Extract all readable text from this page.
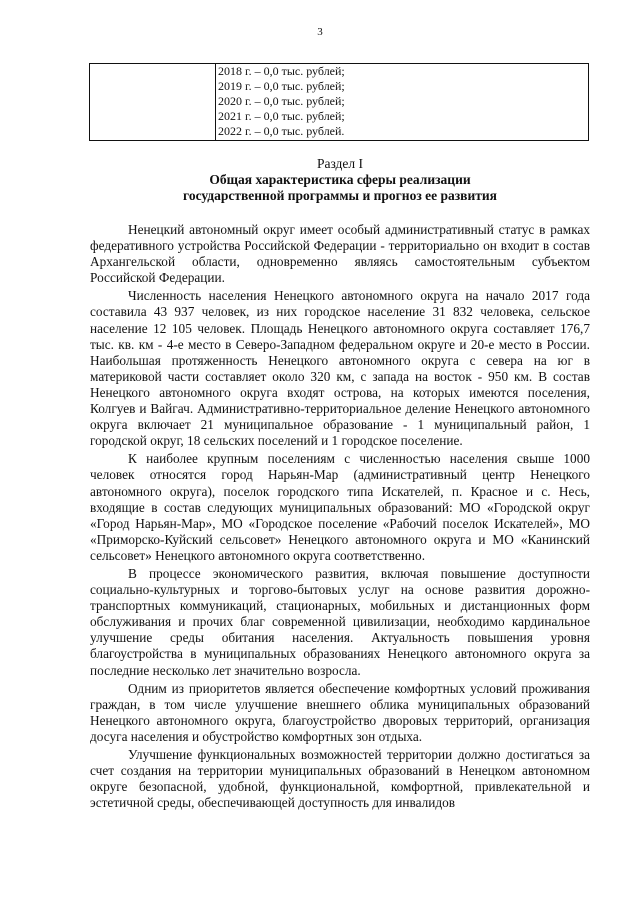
3

2018 г. – 0,0 тыс. рублей;
2019 г. – 0,0 тыс. рублей;
2020 г. – 0,0 тыс. рублей;
2021 г. – 0,0 тыс. рублей;
2022 г. – 0,0 тыс. рублей.
Раздел I
Общая характеристика сферы реализации
государственной программы и прогноз ее развития

Ненецкий автономный округ имеет особый административный статус в рамках федеративного устройства Российской Федерации - территориально он входит в состав Архангельской области, одновременно являясь самостоятельным субъектом Российской Федерации.

Численность населения Ненецкого автономного округа на начало 2017 года составила 43 937 человек, из них городское население 31 832 человека, сельское население 12 105 человек. Площадь Ненецкого автономного округа составляет 176,7 тыс. кв. км - 4-е место в Северо-Западном федеральном округе и 20-е место в России. Наибольшая протяженность Ненецкого автономного округа с севера на юг в материковой части составляет около 320 км, с запада на восток - 950 км. В состав Ненецкого автономного округа входят острова, на которых имеются поселения, Колгуев и Вайгач. Административно-территориальное деление Ненецкого автономного округа включает 21 муниципальное образование - 1 муниципальный район, 1 городской округ, 18 сельских поселений и 1 городское поселение.

К наиболее крупным поселениям с численностью населения свыше 1000 человек относятся город Нарьян-Мар (административный центр Ненецкого автономного округа), поселок городского типа Искателей, п. Красное и с. Несь, входящие в состав следующих муниципальных образований: МО «Городской округ «Город Нарьян-Мар», МО «Городское поселение «Рабочий поселок Искателей», МО «Приморско-Куйский сельсовет» Ненецкого автономного округа и МО «Канинский сельсовет» Ненецкого автономного округа соответственно.

В процессе экономического развития, включая повышение доступности социально-культурных и торгово-бытовых услуг на основе развития дорожно-транспортных коммуникаций, стационарных, мобильных и дистанционных форм обслуживания и прочих благ современной цивилизации, необходимо кардинальное улучшение среды обитания населения. Актуальность повышения уровня благоустройства в муниципальных образованиях Ненецкого автономного округа за последние несколько лет значительно возросла.

Одним из приоритетов является обеспечение комфортных условий проживания граждан, в том числе улучшение внешнего облика муниципальных образований Ненецкого автономного округа, благоустройство дворовых территорий, организация досуга населения и обустройство комфортных зон отдыха.

Улучшение функциональных возможностей территории должно достигаться за счет создания на территории муниципальных образований в Ненецком автономном округе безопасной, удобной, функциональной, комфортной, привлекательной и эстетичной среды, обеспечивающей доступность для инвалидов
